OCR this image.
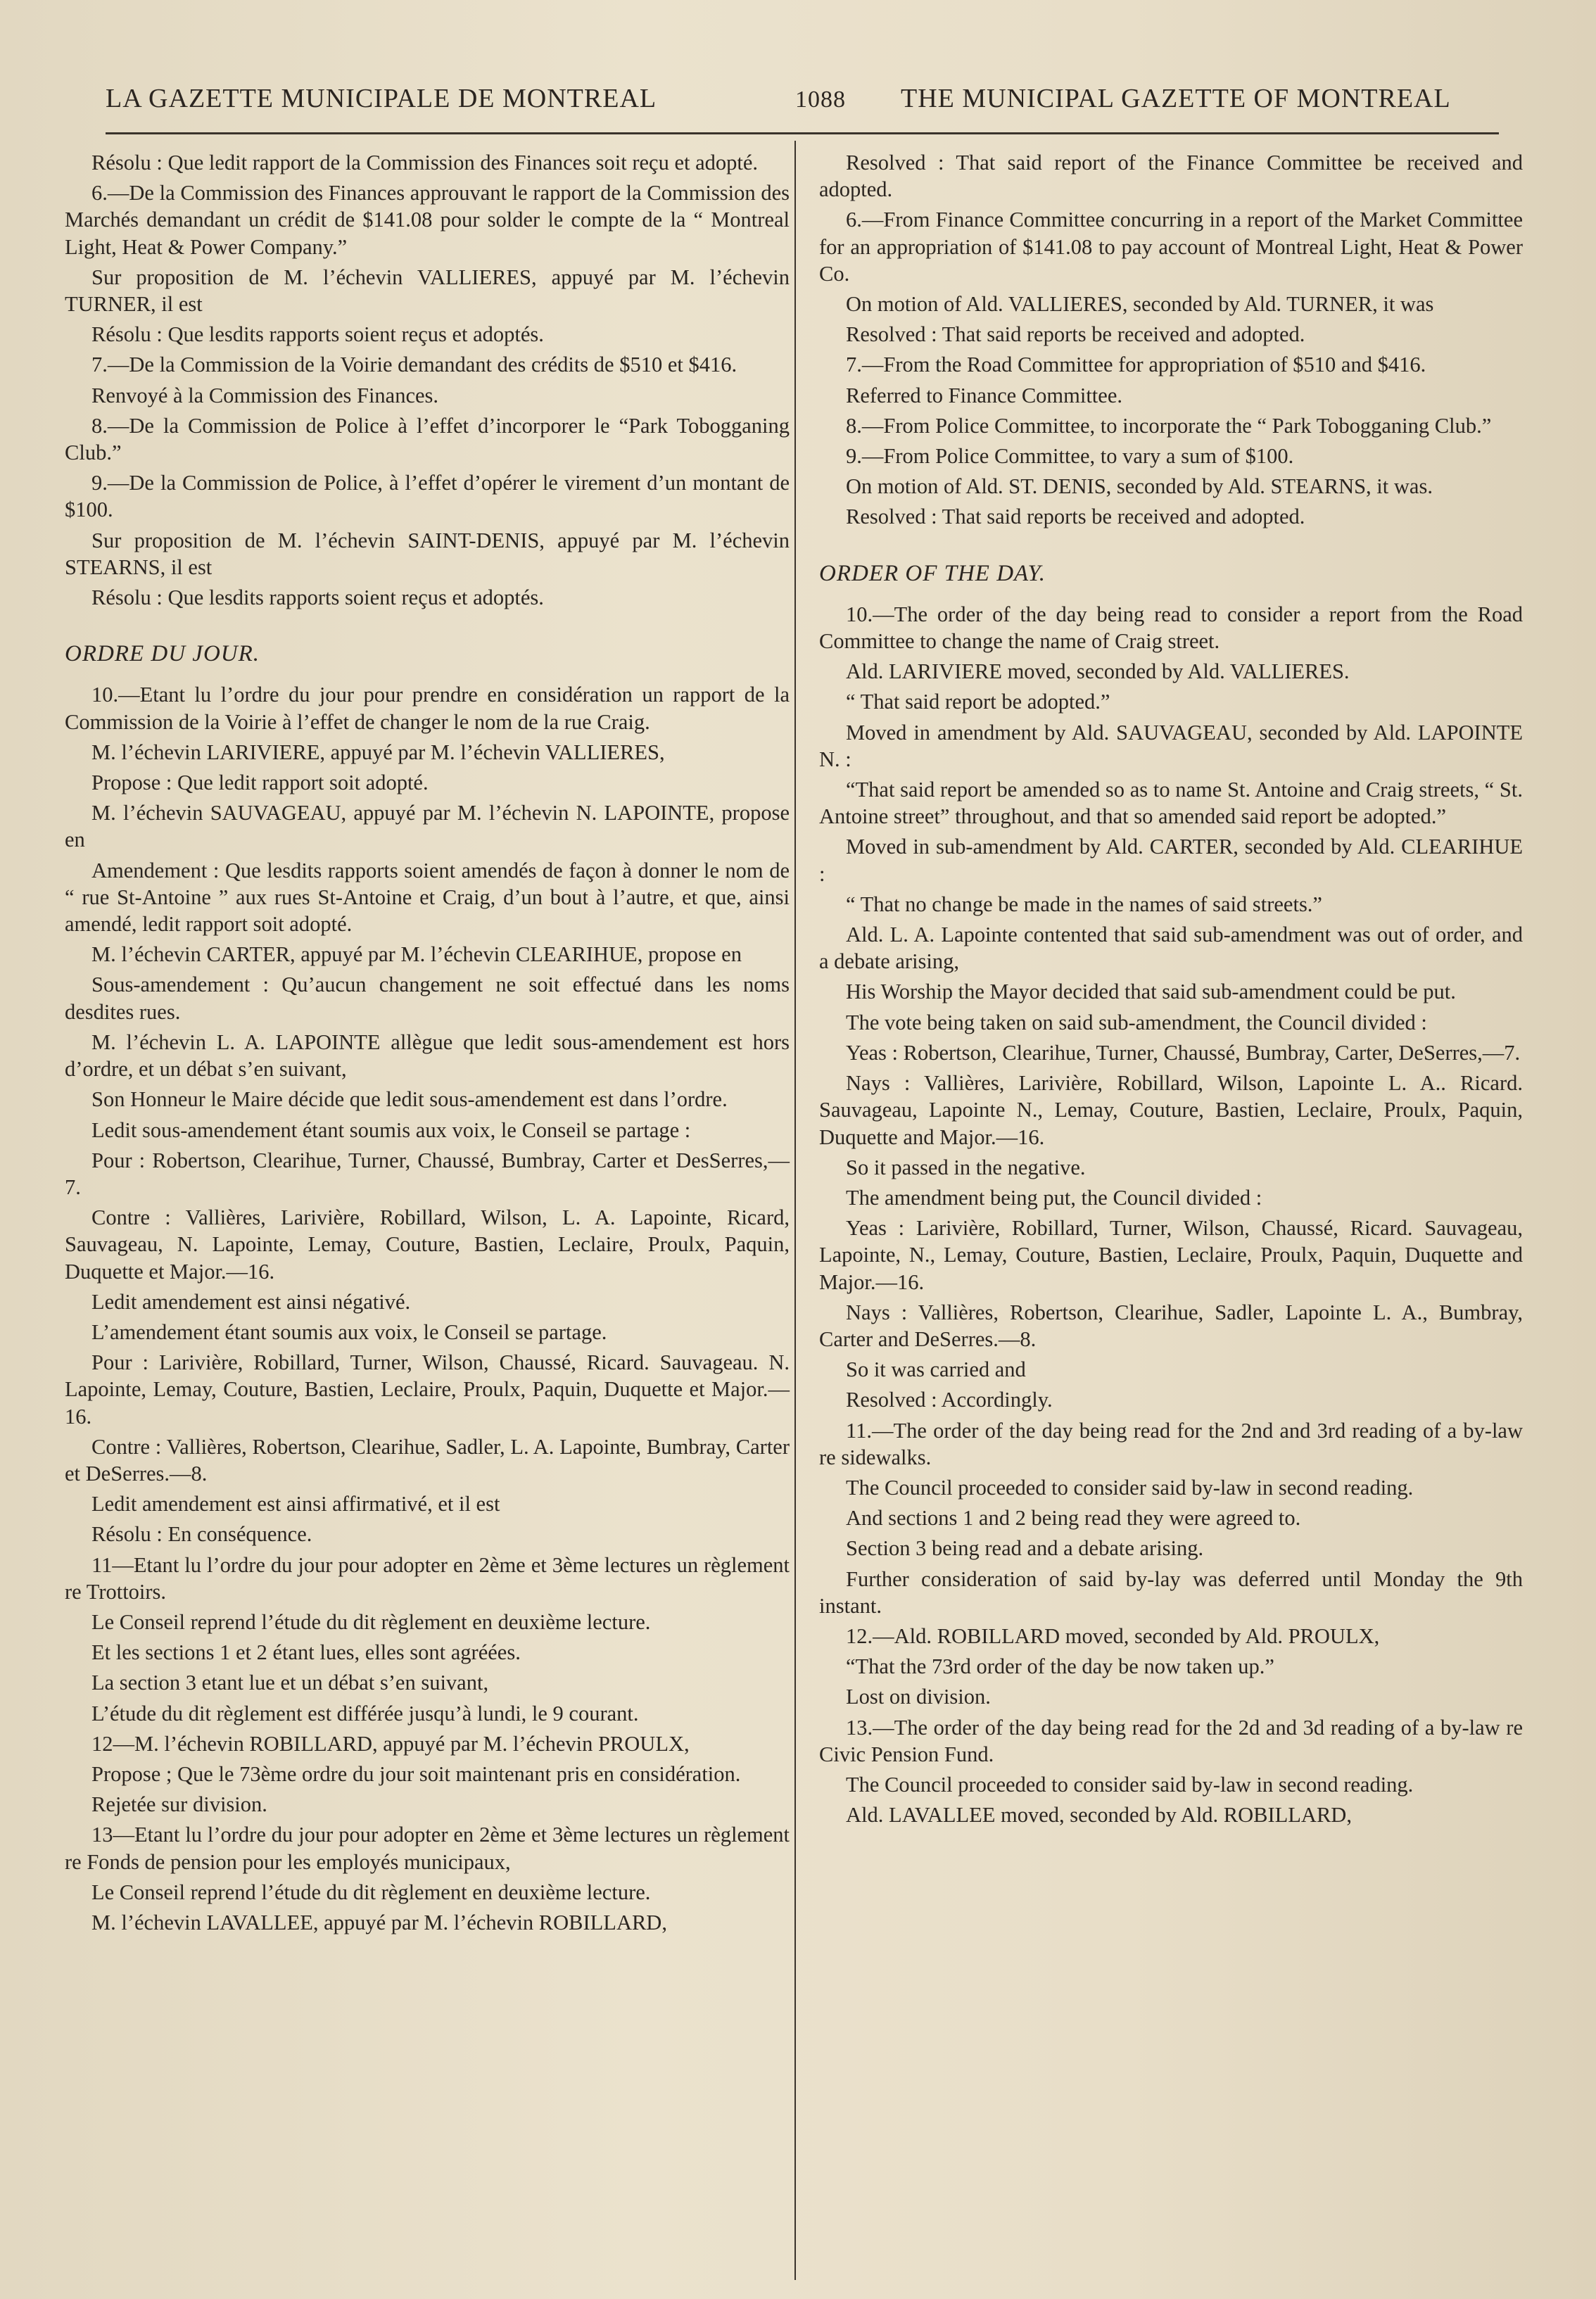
LA GAZETTE MUNICIPALE DE MONTREAL	1088	THE MUNICIPAL GAZETTE OF MONTREAL

Résolu : Que ledit rapport de la Commission des Finances soit reçu et adopté.

6.—De la Commission des Finances approuvant le rapport de la Commission des Marchés demandant un crédit de $141.08 pour solder le compte de la “ Montreal Light, Heat & Power Company.”

Sur proposition de M. l’échevin VALLIERES, appuyé par M. l’échevin TURNER, il est

Résolu : Que lesdits rapports soient reçus et adoptés.

7.—De la Commission de la Voirie demandant des crédits de $510 et $416.

Renvoyé à la Commission des Finances.

8.—De la Commission de Police à l’effet d’incorporer le “Park Tobogganing Club.”

9.—De la Commission de Police, à l’effet d’opérer le virement d’un montant de $100.

Sur proposition de M. l’échevin SAINT-DENIS, appuyé par M. l’échevin STEARNS, il est

Résolu : Que lesdits rapports soient reçus et adoptés.

ORDRE DU JOUR.

10.—Etant lu l’ordre du jour pour prendre en considération un rapport de la Commission de la Voirie à l’effet de changer le nom de la rue Craig.

M. l’échevin LARIVIERE, appuyé par M. l’échevin VALLIERES,

Propose : Que ledit rapport soit adopté.

M. l’échevin SAUVAGEAU, appuyé par M. l’échevin N. LAPOINTE, propose en

Amendement : Que lesdits rapports soient amendés de façon à donner le nom de “ rue St-Antoine ” aux rues St-Antoine et Craig, d’un bout à l’autre, et que, ainsi amendé, ledit rapport soit adopté.

M. l’échevin CARTER, appuyé par M. l’échevin CLEARIHUE, propose en

Sous-amendement : Qu’aucun changement ne soit effectué dans les noms desdites rues.

M. l’échevin L. A. LAPOINTE allègue que ledit sous-amendement est hors d’ordre, et un débat s’en suivant,

Son Honneur le Maire décide que ledit sous-amendement est dans l’ordre.

Ledit sous-amendement étant soumis aux voix, le Conseil se partage :

Pour : Robertson, Clearihue, Turner, Chaussé, Bumbray, Carter et DesSerres,—7.

Contre : Vallières, Larivière, Robillard, Wilson, L. A. Lapointe, Ricard, Sauvageau, N. Lapointe, Lemay, Couture, Bastien, Leclaire, Proulx, Paquin, Duquette et Major.—16.

Ledit amendement est ainsi négativé.

L’amendement étant soumis aux voix, le Conseil se partage.

Pour : Larivière, Robillard, Turner, Wilson, Chaussé, Ricard. Sauvageau. N. Lapointe, Lemay, Couture, Bastien, Leclaire, Proulx, Paquin, Duquette et Major.—16.

Contre : Vallières, Robertson, Clearihue, Sadler, L. A. Lapointe, Bumbray, Carter et DeSerres.—8.

Ledit amendement est ainsi affirmativé, et il est

Résolu : En conséquence.

11—Etant lu l’ordre du jour pour adopter en 2ème et 3ème lectures un règlement re Trottoirs.

Le Conseil reprend l’étude du dit règlement en deuxième lecture.

Et les sections 1 et 2 étant lues, elles sont agréées.

La section 3 etant lue et un débat s’en suivant,

L’étude du dit règlement est différée jusqu’à lundi, le 9 courant.

12—M. l’échevin ROBILLARD, appuyé par M. l’échevin PROULX,

Propose ; Que le 73ème ordre du jour soit maintenant pris en considération.

Rejetée sur division.

13—Etant lu l’ordre du jour pour adopter en 2ème et 3ème lectures un règlement re Fonds de pension pour les employés municipaux,

Le Conseil reprend l’étude du dit règlement en deuxième lecture.

M. l’échevin LAVALLEE, appuyé par M. l’échevin ROBILLARD,

Resolved : That said report of the Finance Committee be received and adopted.

6.—From Finance Committee concurring in a report of the Market Committee for an appropriation of $141.08 to pay account of Montreal Light, Heat & Power Co.

On motion of Ald. VALLIERES, seconded by Ald. TURNER, it was

Resolved : That said reports be received and adopted.

7.—From the Road Committee for appropriation of $510 and $416.

Referred to Finance Committee.

8.—From Police Committee, to incorporate the “ Park Tobogganing Club.”

9.—From Police Committee, to vary a sum of $100.

On motion of Ald. ST. DENIS, seconded by Ald. STEARNS, it was.

Resolved : That said reports be received and adopted.

ORDER OF THE DAY.

10.—The order of the day being read to consider a report from the Road Committee to change the name of Craig street.

Ald. LARIVIERE moved, seconded by Ald. VALLIERES.

“ That said report be adopted.”

Moved in amendment by Ald. SAUVAGEAU, seconded by Ald. LAPOINTE N. :

“That said report be amended so as to name St. Antoine and Craig streets, “ St. Antoine street” throughout, and that so amended said report be adopted.”

Moved in sub-amendment by Ald. CARTER, seconded by Ald. CLEARIHUE :

“ That no change be made in the names of said streets.”

Ald. L. A. Lapointe contented that said sub-amendment was out of order, and a debate arising,

His Worship the Mayor decided that said sub-amendment could be put.

The vote being taken on said sub-amendment, the Council divided :

Yeas : Robertson, Clearihue, Turner, Chaussé, Bumbray, Carter, DeSerres,—7.

Nays : Vallières, Larivière, Robillard, Wilson, Lapointe L. A.. Ricard. Sauvageau, Lapointe N., Lemay, Couture, Bastien, Leclaire, Proulx, Paquin, Duquette and Major.—16.

So it passed in the negative.

The amendment being put, the Council divided :

Yeas : Larivière, Robillard, Turner, Wilson, Chaussé, Ricard. Sauvageau, Lapointe, N., Lemay, Couture, Bastien, Leclaire, Proulx, Paquin, Duquette and Major.—16.

Nays : Vallières, Robertson, Clearihue, Sadler, Lapointe L. A., Bumbray, Carter and DeSerres.—8.

So it was carried and

Resolved : Accordingly.

11.—The order of the day being read for the 2nd and 3rd reading of a by-law re sidewalks.

The Council proceeded to consider said by-law in second reading.

And sections 1 and 2 being read they were agreed to.

Section 3 being read and a debate arising.

Further consideration of said by-lay was deferred until Monday the 9th instant.

12.—Ald. ROBILLARD moved, seconded by Ald. PROULX,

“That the 73rd order of the day be now taken up.”

Lost on division.

13.—The order of the day being read for the 2d and 3d reading of a by-law re Civic Pension Fund.

The Council proceeded to consider said by-law in second reading.

Ald. LAVALLEE moved, seconded by Ald. ROBILLARD,
